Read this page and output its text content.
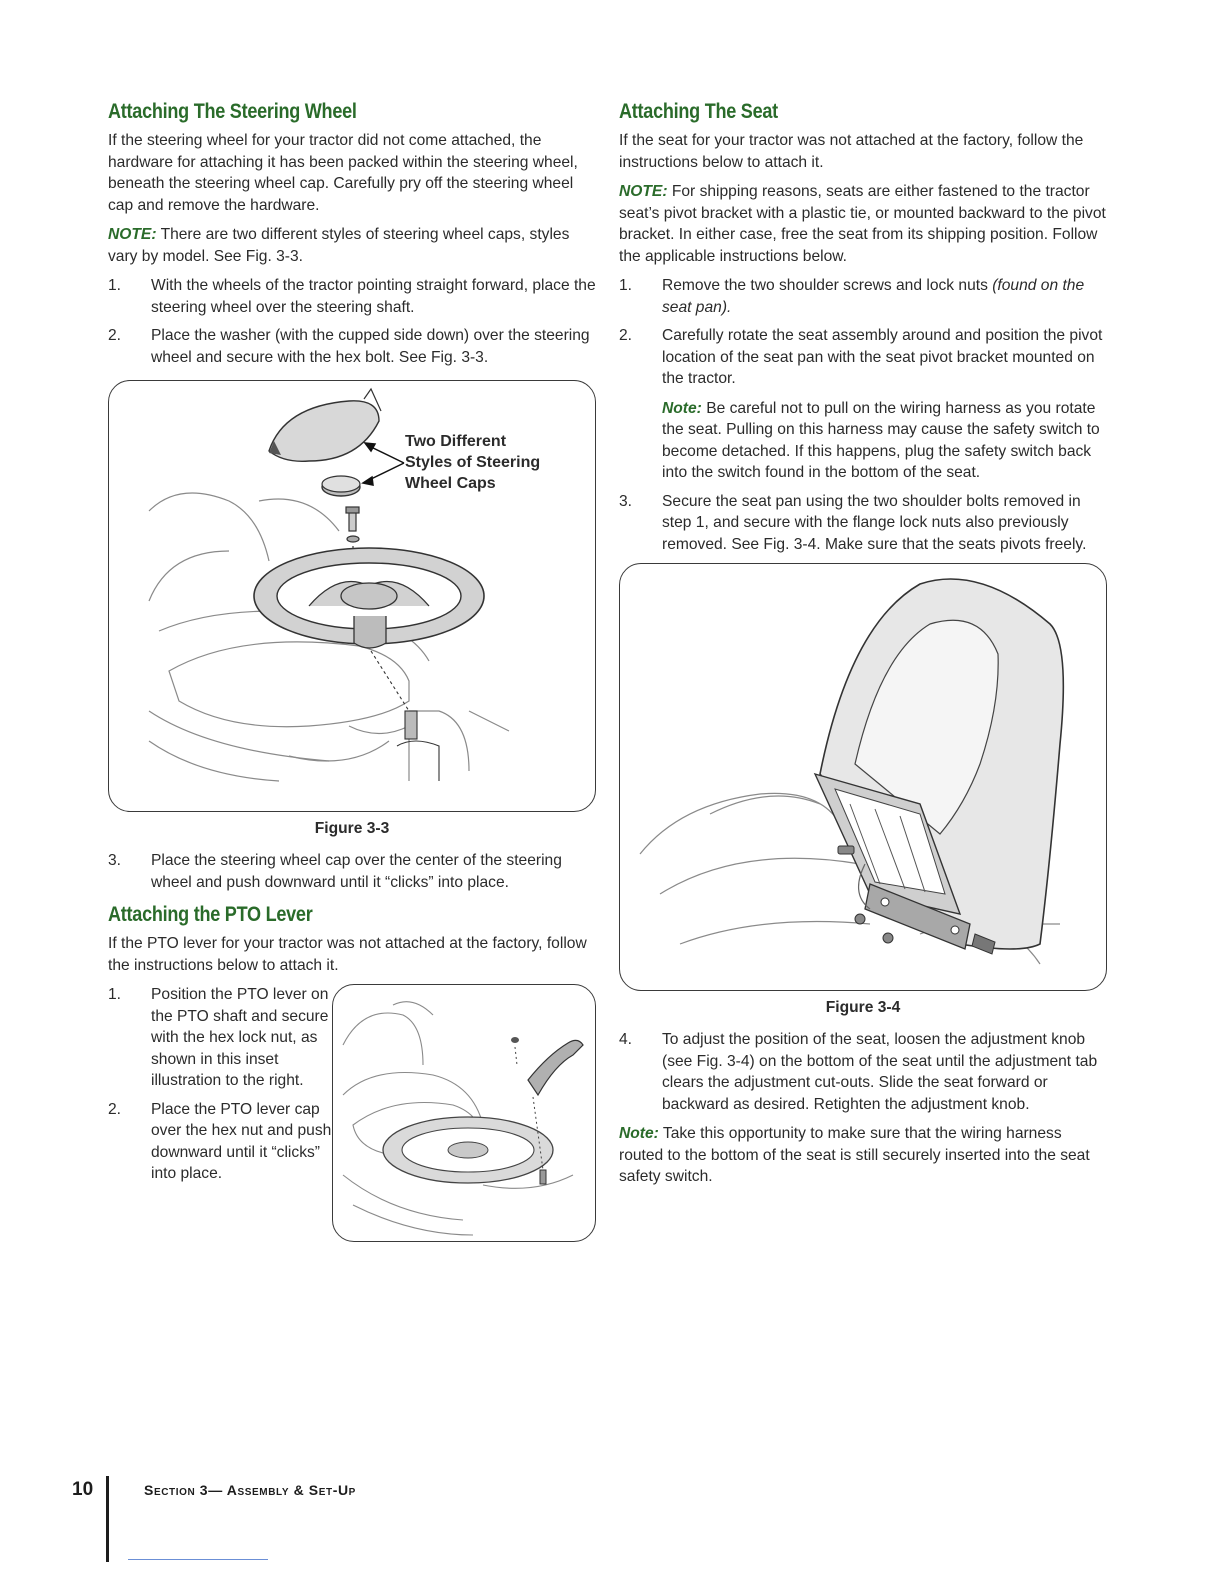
Attaching The Steering Wheel

If the steering wheel for your tractor did not come attached, the hardware for attaching it has been packed within the steering wheel, beneath the steering wheel cap. Carefully pry off the steering wheel cap and remove the hardware.

NOTE: There are two different styles of steering wheel caps, styles vary by model. See Fig. 3-3.

1. With the wheels of the tractor pointing straight forward, place the steering wheel over the steering shaft.
2. Place the washer (with the cupped side down) over the steering wheel and secure with the hex bolt. See Fig. 3-3.
Two Different
Styles of Steering
Wheel Caps
Figure 3-3
3. Place the steering wheel cap over the center of the steering wheel and push downward until it “clicks” into place.
Attaching the PTO Lever

If the PTO lever for your tractor was not attached at the factory, follow the instructions below to attach it.

1. Position the PTO lever on the PTO shaft and secure with the hex lock nut, as shown in this inset illustration to the right.
2. Place the PTO lever cap over the hex nut and push downward until it “clicks” into place.
Attaching The Seat

If the seat for your tractor was not attached at the factory, follow the instructions below to attach it.

NOTE: For shipping reasons, seats are either fastened to the tractor seat’s pivot bracket with a plastic tie, or mounted backward to the pivot bracket. In either case, free the seat from its shipping position. Follow the applicable instructions below.

1. Remove the two shoulder screws and lock nuts (found on the seat pan).
2. Carefully rotate the seat assembly around and position the pivot location of the seat pan with the seat pivot bracket mounted on the tractor.
Note: Be careful not to pull on the wiring harness as you rotate the seat. Pulling on this harness may cause the safety switch to become detached. If this happens, plug the safety switch back into the switch found in the bottom of the seat.
3. Secure the seat pan using the two shoulder bolts removed in step 1, and secure with the flange lock nuts also previously removed. See Fig. 3-4. Make sure that the seats pivots freely.
Figure 3-4
4. To adjust the position of the seat, loosen the adjustment knob (see Fig. 3-4) on the bottom of the seat until the adjustment tab clears the adjustment cut-outs. Slide the seat forward or backward as desired. Retighten the adjustment knob.

Note: Take this opportunity to make sure that the wiring harness routed to the bottom of the seat is still securely inserted into the seat safety switch.

10	Section 3— Assembly & Set-Up
